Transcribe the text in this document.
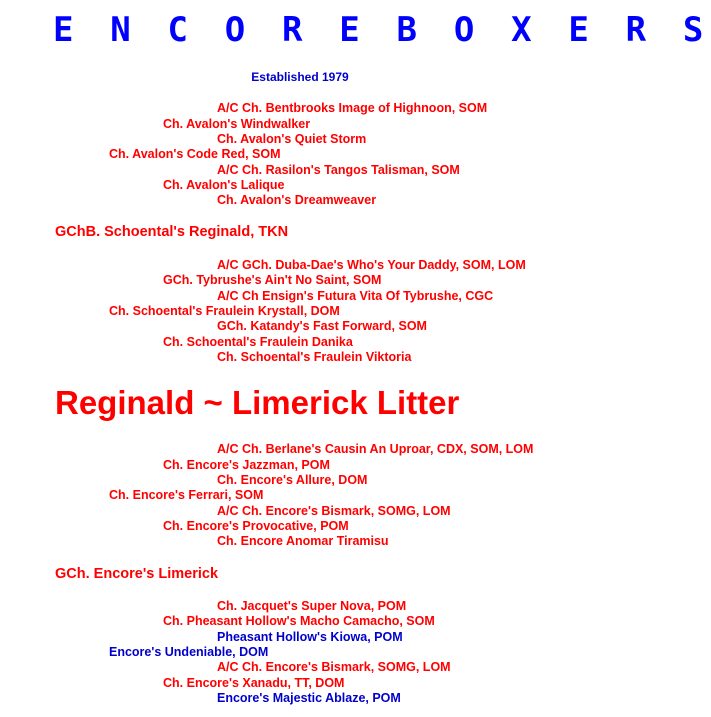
E N C O R E B O X E R S
Established 1979
A/C Ch. Bentbrooks Image of Highnoon, SOM
Ch. Avalon's Windwalker
Ch. Avalon's Quiet Storm
Ch. Avalon's Code Red, SOM
A/C Ch. Rasilon's Tangos Talisman, SOM
Ch. Avalon's Lalique
Ch. Avalon's Dreamweaver
GChB. Schoental's Reginald, TKN
A/C GCh. Duba-Dae's Who's Your Daddy, SOM, LOM
GCh. Tybrushe's Ain't No Saint, SOM
A/C Ch Ensign's Futura Vita Of Tybrushe, CGC
Ch. Schoental's Fraulein Krystall, DOM
GCh. Katandy's Fast Forward, SOM
Ch. Schoental's Fraulein Danika
Ch. Schoental's Fraulein Viktoria
Reginald ~ Limerick Litter
A/C Ch. Berlane's Causin An Uproar, CDX, SOM, LOM
Ch. Encore's Jazzman, POM
Ch. Encore's Allure, DOM
Ch. Encore's Ferrari, SOM
A/C Ch. Encore's Bismark, SOMG, LOM
Ch. Encore's Provocative, POM
Ch. Encore Anomar Tiramisu
GCh. Encore's Limerick
Ch. Jacquet's Super Nova, POM
Ch. Pheasant Hollow's Macho Camacho, SOM
Pheasant Hollow's Kiowa, POM
Encore's Undeniable, DOM
A/C Ch. Encore's Bismark, SOMG, LOM
Ch. Encore's Xanadu, TT, DOM
Encore's Majestic Ablaze, POM
